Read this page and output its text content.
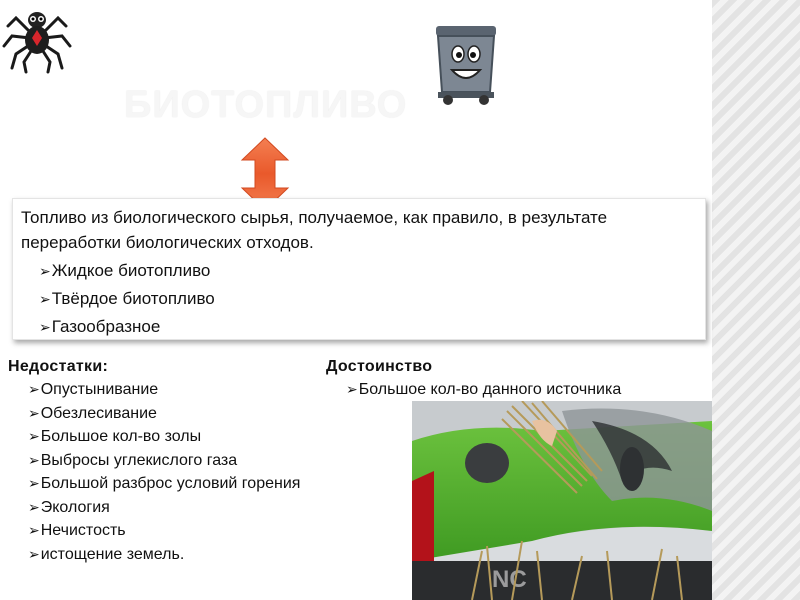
БИОТОПЛИВО
Топливо из биологического сырья, получаемое, как правило, в результате переработки биологических отходов.
➢Жидкое биотопливо
➢Твёрдое биотопливо
➢Газообразное
Недостатки:
➢Опустынивание
➢Обезлесивание
➢Большое кол-во золы
➢Выбросы углекислого газа
➢Большой разброс условий горения
➢Экология
➢Нечистость
➢истощение земель.
Достоинство
➢Большое кол-во данного источника
NC
